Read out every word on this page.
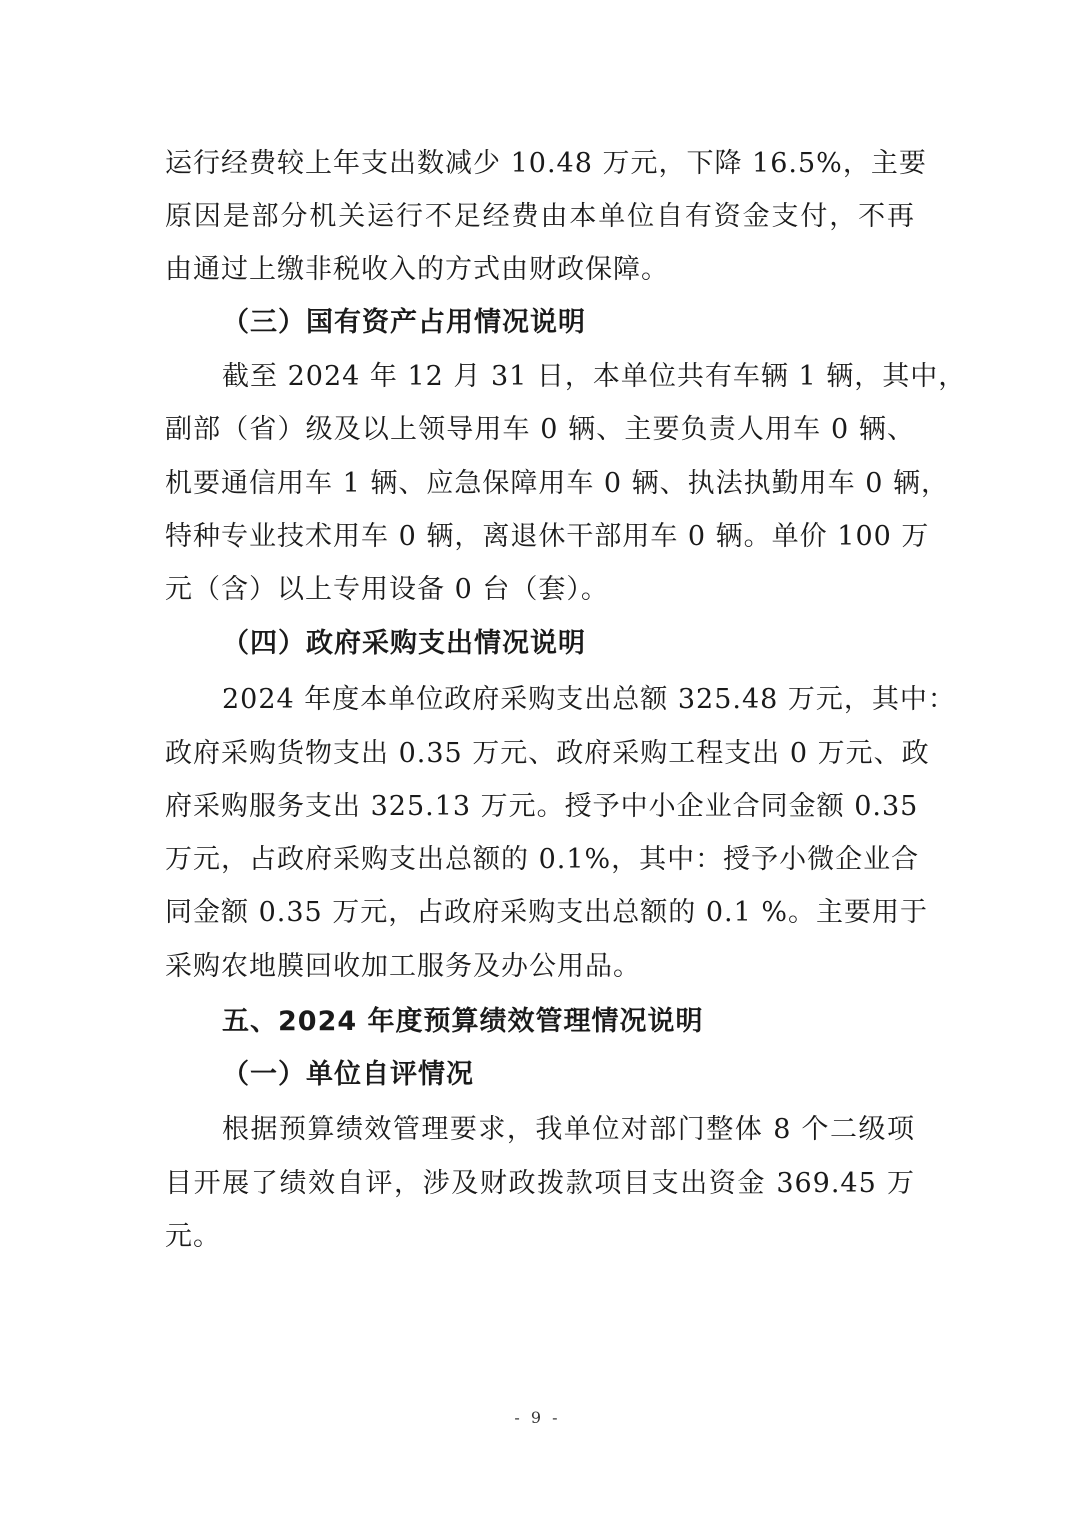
运行经费较上年支出数减少 10.48 万元，下降 16.5%，主要
原因是部分机关运行不足经费由本单位自有资金支付，不再
由通过上缴非税收入的方式由财政保障。
（三）国有资产占用情况说明
截至 2024 年 12 月 31 日，本单位共有车辆 1 辆，其中，
副部（省）级及以上领导用车 0 辆、主要负责人用车 0 辆、
机要通信用车 1 辆、应急保障用车 0 辆、执法执勤用车 0 辆，
特种专业技术用车 0 辆，离退休干部用车 0 辆。单价 100 万
元（含）以上专用设备 0 台（套）。
（四）政府采购支出情况说明
2024 年度本单位政府采购支出总额 325.48 万元，其中：
政府采购货物支出 0.35 万元、政府采购工程支出 0 万元、政
府采购服务支出 325.13 万元。授予中小企业合同金额 0.35
万元，占政府采购支出总额的 0.1%，其中：授予小微企业合
同金额 0.35 万元，占政府采购支出总额的 0.1 %。主要用于
采购农地膜回收加工服务及办公用品。
五、2024 年度预算绩效管理情况说明
（一）单位自评情况
根据预算绩效管理要求，我单位对部门整体 8 个二级项
目开展了绩效自评，涉及财政拨款项目支出资金 369.45 万
元。
- 9 -
